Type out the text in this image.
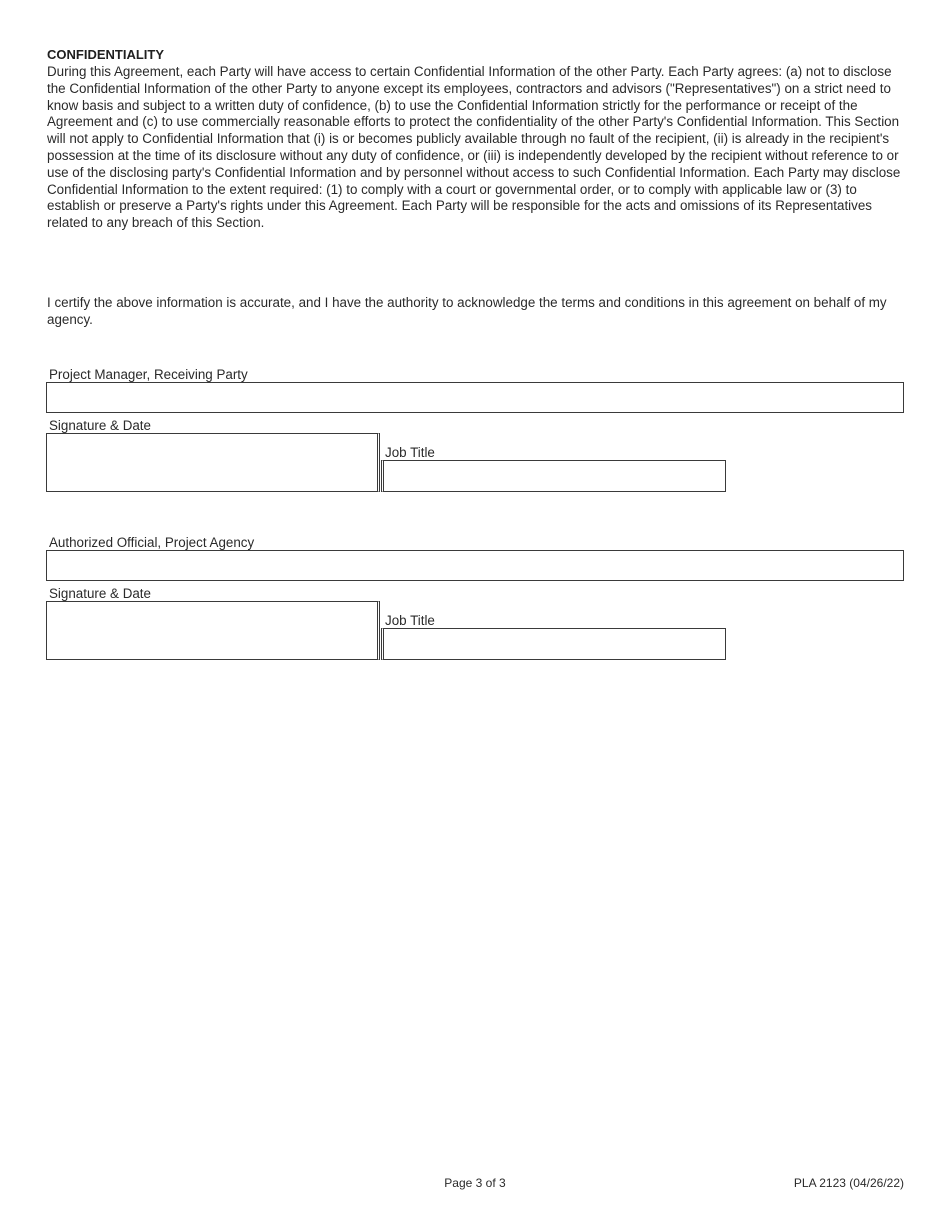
CONFIDENTIALITY

During this Agreement, each Party will have access to certain Confidential Information of the other Party. Each Party agrees: (a) not to disclose the Confidential Information of the other Party to anyone except its employees, contractors and advisors ("Representatives") on a strict need to know basis and subject to a written duty of confidence, (b) to use the Confidential Information strictly for the performance or receipt of the Agreement and (c) to use commercially reasonable efforts to protect the confidentiality of the other Party's Confidential Information. This Section will not apply to Confidential Information that (i) is or becomes publicly available through no fault of the recipient, (ii) is already in the recipient's possession at the time of its disclosure without any duty of confidence, or (iii) is independently developed by the recipient without reference to or use of the disclosing party's Confidential Information and by personnel without access to such Confidential Information. Each Party may disclose Confidential Information to the extent required: (1) to comply with a court or governmental order, or to comply with applicable law or (3) to establish or preserve a Party's rights under this Agreement. Each Party will be responsible for the acts and omissions of its Representatives related to any breach of this Section.

I certify the above information is accurate, and I have the authority to acknowledge the terms and conditions in this agreement on behalf of my agency.

Project Manager, Receiving Party
Signature & Date
Job Title
Authorized Official, Project Agency
Signature & Date
Job Title
Page 3 of 3	PLA 2123 (04/26/22)
